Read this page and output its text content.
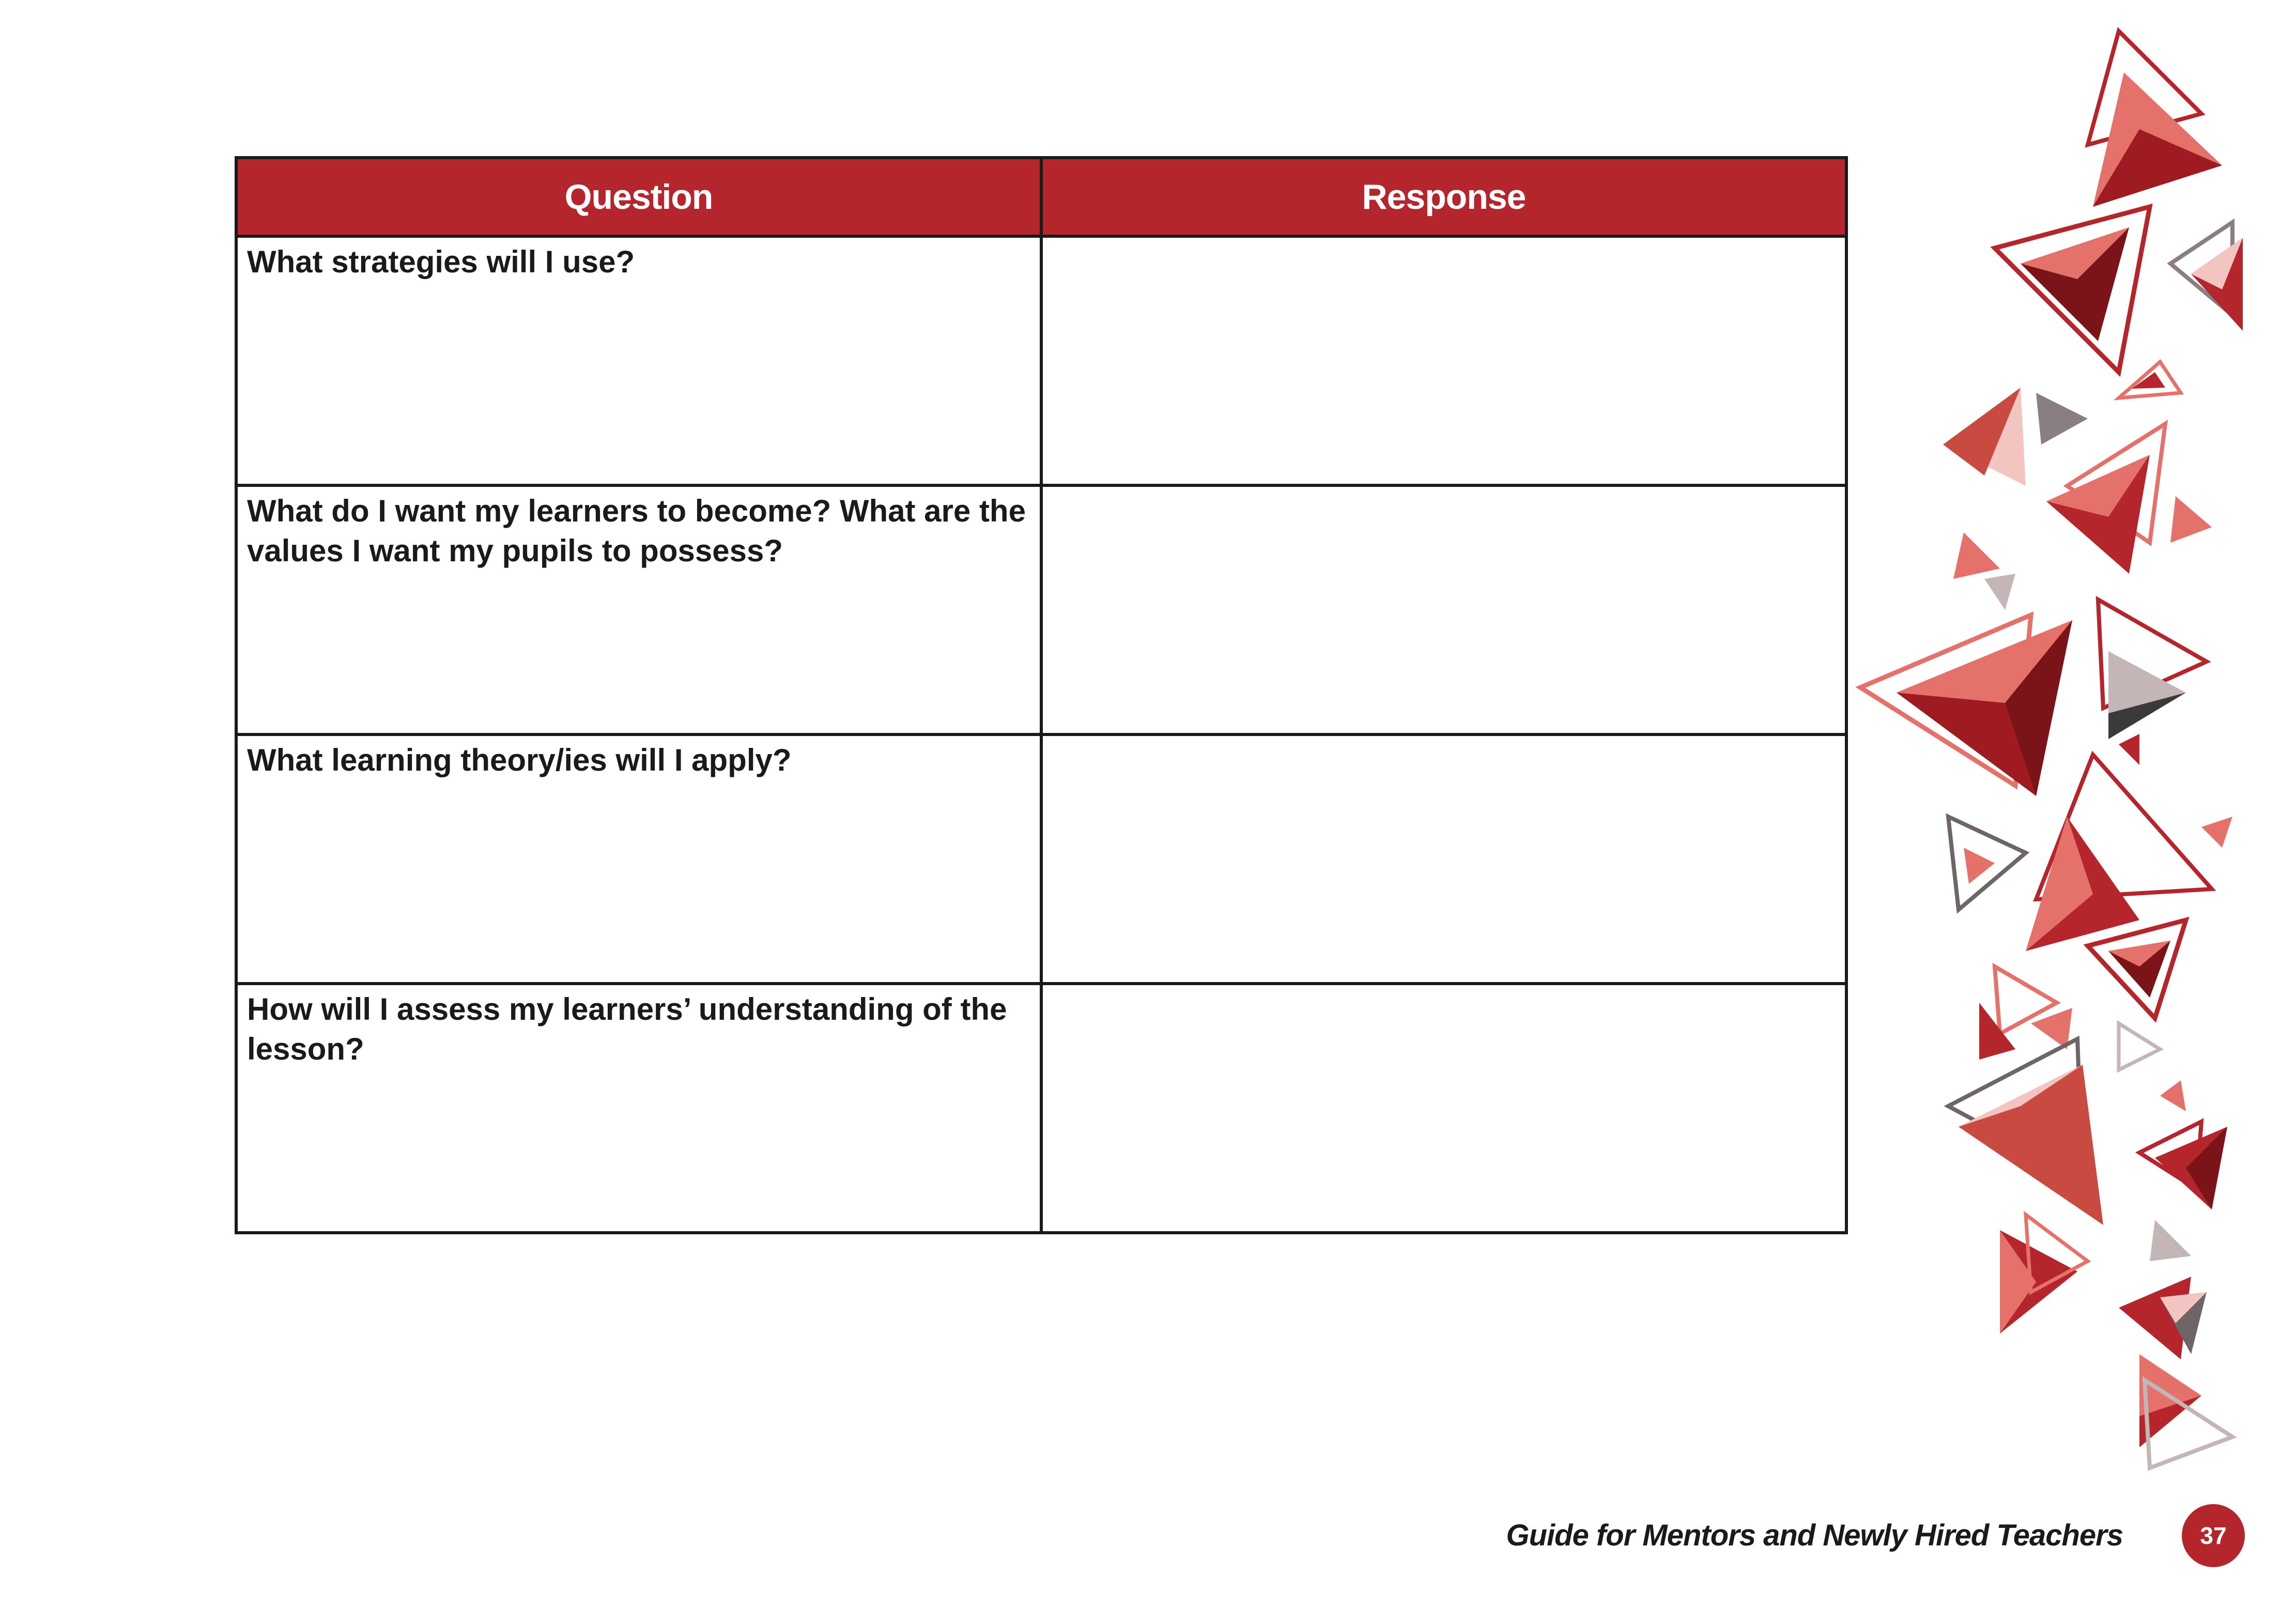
Question	Response
What strategies will I use?	
What do I want my learners to become? What are the values I want my pupils to possess?	
What learning theory/ies will I apply?	
How will I assess my learners’ understanding of the lesson?	
Guide for Mentors and Newly Hired Teachers	37
